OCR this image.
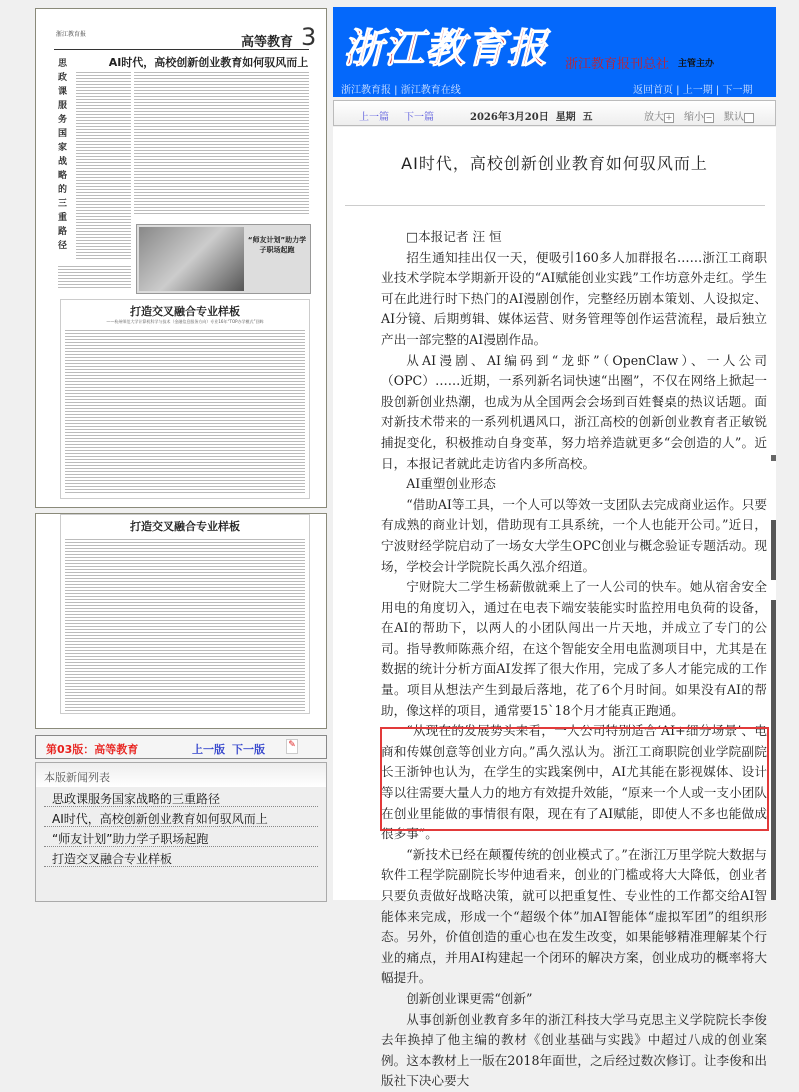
浙江教育报
高等教育 3
AI时代，高校创新创业教育如何驭风而上
思政课服务国家战略的三重路径
“师友计划”助力学子职场起跑
打造交叉融合专业样板
——杭州师范大学计算机科学与技术（金融信息服务方向）专业16年“TOP办学模式”回眸
打造交叉融合专业样板
第03版：高等教育	上一版 下一版	✎
本版新闻列表
思政课服务国家战略的三重路径
AI时代，高校创新创业教育如何驭风而上
“师友计划”助力学子职场起跑
打造交叉融合专业样板
浙江教育报 浙江教育报刊总社 主管主办
浙江教育报 | 浙江教育在线	返回首页 | 上一期 | 下一期
上一篇 下一篇	2026年3月20日 星期 五	放大 + 缩小 − 默认
AI时代，高校创新创业教育如何驭风而上

□本报记者 汪 恒

招生通知挂出仅一天，便吸引160多人加群报名……浙江工商职业技术学院本学期新开设的“AI赋能创业实践”工作坊意外走红。学生可在此进行时下热门的AI漫剧创作，完整经历剧本策划、人设拟定、AI分镜、后期剪辑、媒体运营、财务管理等创作运营流程，最后独立产出一部完整的AI漫剧作品。

从AI漫剧、AI编码到“龙虾”（OpenClaw）、一人公司（OPC）……近期，一系列新名词快速“出圈”，不仅在网络上掀起一股创新创业热潮，也成为从全国两会会场到百姓餐桌的热议话题。面对新技术带来的一系列机遇风口，浙江高校的创新创业教育者正敏锐捕捉变化，积极推动自身变革，努力培养造就更多“会创造的人”。近日，本报记者就此走访省内多所高校。

AI重塑创业形态

“借助AI等工具，一个人可以等效一支团队去完成商业运作。只要有成熟的商业计划，借助现有工具系统，一个人也能开公司。”近日，宁波财经学院启动了一场女大学生OPC创业与概念验证专题活动。现场，学校会计学院院长禹久泓介绍道。

宁财院大二学生杨薪傲就乘上了一人公司的快车。她从宿舍安全用电的角度切入，通过在电表下端安装能实时监控用电负荷的设备，在AI的帮助下，以两人的小团队闯出一片天地，并成立了专门的公司。指导教师陈燕介绍，在这个智能安全用电监测项目中，尤其是在数据的统计分析方面AI发挥了很大作用，完成了多人才能完成的工作量。项目从想法产生到最后落地，花了6个月时间。如果没有AI的帮助，像这样的项目，通常要15`18个月才能真正跑通。

“从现在的发展势头来看，一人公司特别适合‘AI+细分场景’、电商和传媒创意等创业方向。”禹久泓认为。浙江工商职院创业学院副院长王浙钟也认为，在学生的实践案例中，AI尤其能在影视媒体、设计等以往需要大量人力的地方有效提升效能，“原来一个人或一支小团队在创业里能做的事情很有限，现在有了AI赋能，即使人不多也能做成很多事”。

“新技术已经在颠覆传统的创业模式了。”在浙江万里学院大数据与软件工程学院副院长岑仲迪看来，创业的门槛或将大大降低，创业者只要负责做好战略决策，就可以把重复性、专业性的工作都交给AI智能体来完成，形成一个“超级个体”加AI智能体“虚拟军团”的组织形态。另外，价值创造的重心也在发生改变，如果能够精准理解某个行业的痛点，并用AI构建起一个闭环的解决方案，创业成功的概率将大幅提升。

创新创业课更需“创新”

从事创新创业教育多年的浙江科技大学马克思主义学院院长李俊去年换掉了他主编的教材《创业基础与实践》中超过八成的创业案例。这本教材上一版在2018年面世，之后经过数次修订。让李俊和出版社下决心要大
